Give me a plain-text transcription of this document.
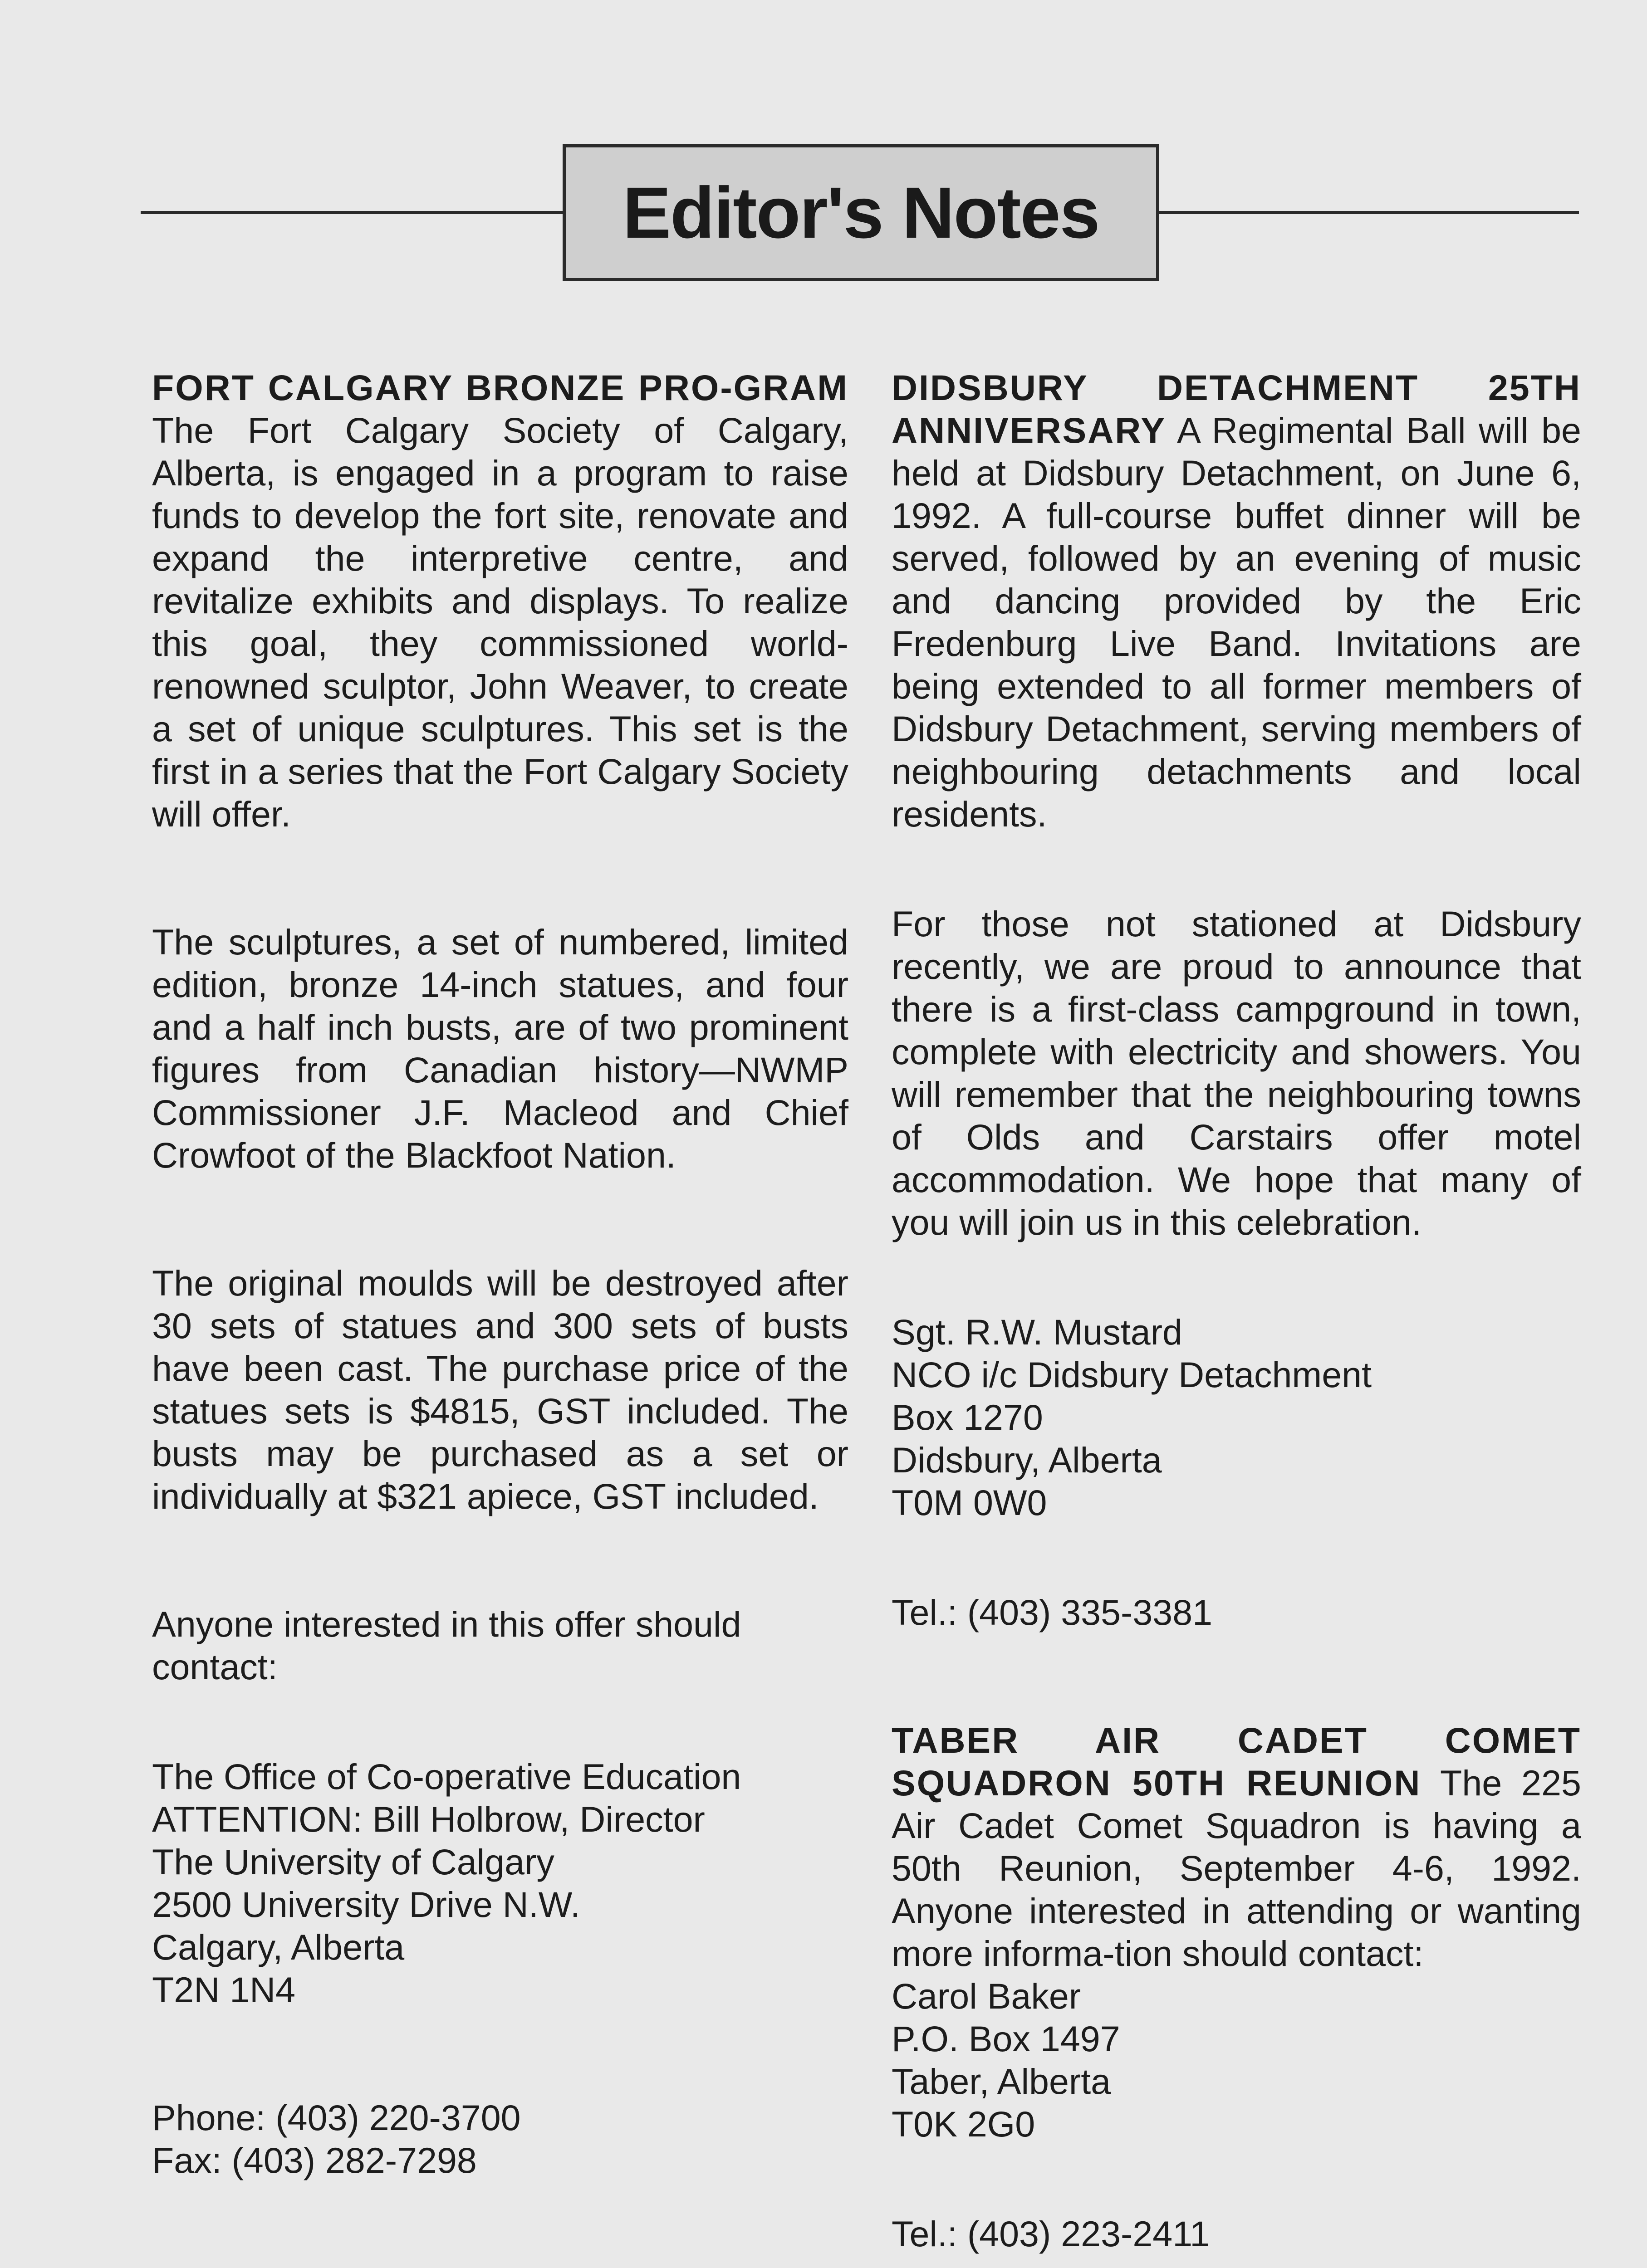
Editor's Notes

FORT CALGARY BRONZE PRO-GRAM The Fort Calgary Society of Calgary, Alberta, is engaged in a program to raise funds to develop the fort site, renovate and expand the interpretive centre, and revitalize exhibits and displays. To realize this goal, they commissioned world-renowned sculptor, John Weaver, to create a set of unique sculptures. This set is the first in a series that the Fort Calgary Society will offer.

The sculptures, a set of numbered, limited edition, bronze 14-inch statues, and four and a half inch busts, are of two prominent figures from Canadian history—NWMP Commissioner J.F. Macleod and Chief Crowfoot of the Blackfoot Nation.

The original moulds will be destroyed after 30 sets of statues and 300 sets of busts have been cast. The purchase price of the statues sets is $4815, GST included. The busts may be purchased as a set or individually at $321 apiece, GST included.

Anyone interested in this offer should contact:

The Office of Co-operative Education
ATTENTION: Bill Holbrow, Director
The University of Calgary
2500 University Drive N.W.
Calgary, Alberta
T2N 1N4
Phone: (403) 220-3700
Fax: (403) 282-7298

DIDSBURY DETACHMENT 25TH ANNIVERSARY A Regimental Ball will be held at Didsbury Detachment, on June 6, 1992. A full-course buffet dinner will be served, followed by an evening of music and dancing provided by the Eric Fredenburg Live Band. Invitations are being extended to all former members of Didsbury Detachment, serving members of neighbouring detachments and local residents.

For those not stationed at Didsbury recently, we are proud to announce that there is a first-class campground in town, complete with electricity and showers. You will remember that the neighbouring towns of Olds and Carstairs offer motel accommodation. We hope that many of you will join us in this celebration.

Sgt. R.W. Mustard
NCO i/c Didsbury Detachment
Box 1270
Didsbury, Alberta
T0M 0W0
Tel.: (403) 335-3381

TABER AIR CADET COMET SQUADRON 50TH REUNION The 225 Air Cadet Comet Squadron is having a 50th Reunion, September 4-6, 1992. Anyone interested in attending or wanting more informa-tion should contact:

Carol Baker
P.O. Box 1497
Taber, Alberta
T0K 2G0
Tel.: (403) 223-2411
